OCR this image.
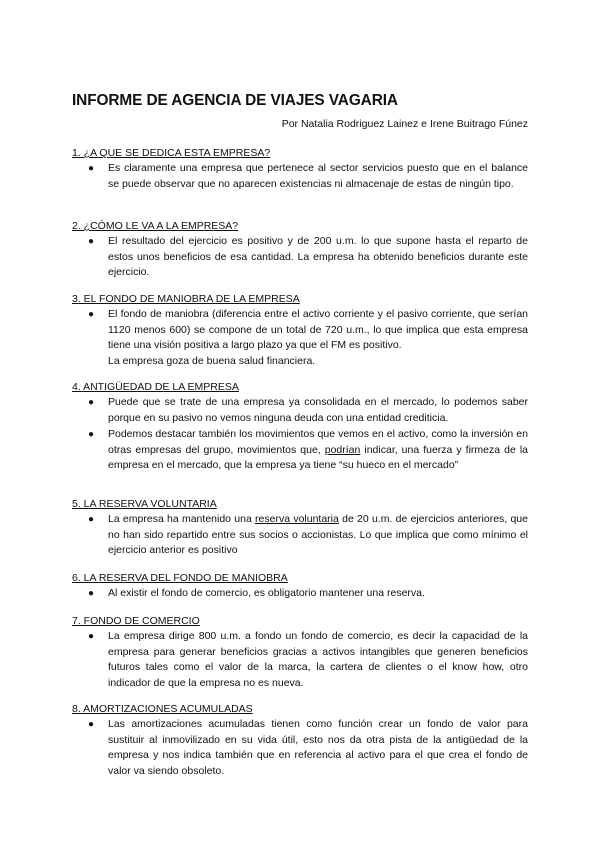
INFORME DE AGENCIA DE VIAJES VAGARIA
Por Natalia Rodriguez Lainez e Irene Buitrago Fúnez
1. ¿A QUE SE DEDICA ESTA EMPRESA?
● Es claramente una empresa que pertenece al sector servicios puesto que en el balance se puede observar que no aparecen existencias ni almacenaje de estas de ningún tipo.
2. ¿CÓMO LE VA A LA EMPRESA?
● El resultado del ejercicio es positivo y de 200 u.m. lo que supone hasta el reparto de estos unos beneficios de esa cantidad. La empresa ha obtenido beneficios durante este ejercicio.
3. EL FONDO DE MANIOBRA DE LA EMPRESA
● El fondo de maniobra (diferencia entre el activo corriente y el pasivo corriente, que serían 1120 menos 600) se compone de un total de 720 u.m., lo que implica que esta empresa tiene una visión positiva a largo plazo ya que el FM es positivo.
La empresa goza de buena salud financiera.
4. ANTIGÜEDAD DE LA EMPRESA
● Puede que se trate de una empresa ya consolidada en el mercado, lo podemos saber porque en su pasivo no vemos ninguna deuda con una entidad crediticia.
● Podemos destacar también los movimientos que vemos en el activo, como la inversión en otras empresas del grupo, movimientos que, podrían indicar, una fuerza y firmeza de la empresa en el mercado, que la empresa ya tiene “su hueco en el mercado”
5. LA RESERVA VOLUNTARIA
● La empresa ha mantenido una reserva voluntaria de 20 u.m. de ejercicios anteriores, que no han sido repartido entre sus socios o accionistas. Lo que implica que como mínimo el ejercicio anterior es positivo
6. LA RESERVA DEL FONDO DE MANIOBRA
● Al existir el fondo de comercio, es obligatorio mantener una reserva.
7. FONDO DE COMERCIO
● La empresa dirige 800 u.m. a fondo un fondo de comercio, es decir la capacidad de la empresa para generar beneficios gracias a activos intangibles que generen beneficios futuros tales como el valor de la marca, la cartera de clientes o el know how, otro indicador de que la empresa no es nueva.
8. AMORTIZACIONES ACUMULADAS
● Las amortizaciones acumuladas tienen como función crear un fondo de valor para sustituir al inmovilizado en su vida útil, esto nos da otra pista de la antigüedad de la empresa y nos indica también que en referencia al activo para el que crea el fondo de valor va siendo obsoleto.
